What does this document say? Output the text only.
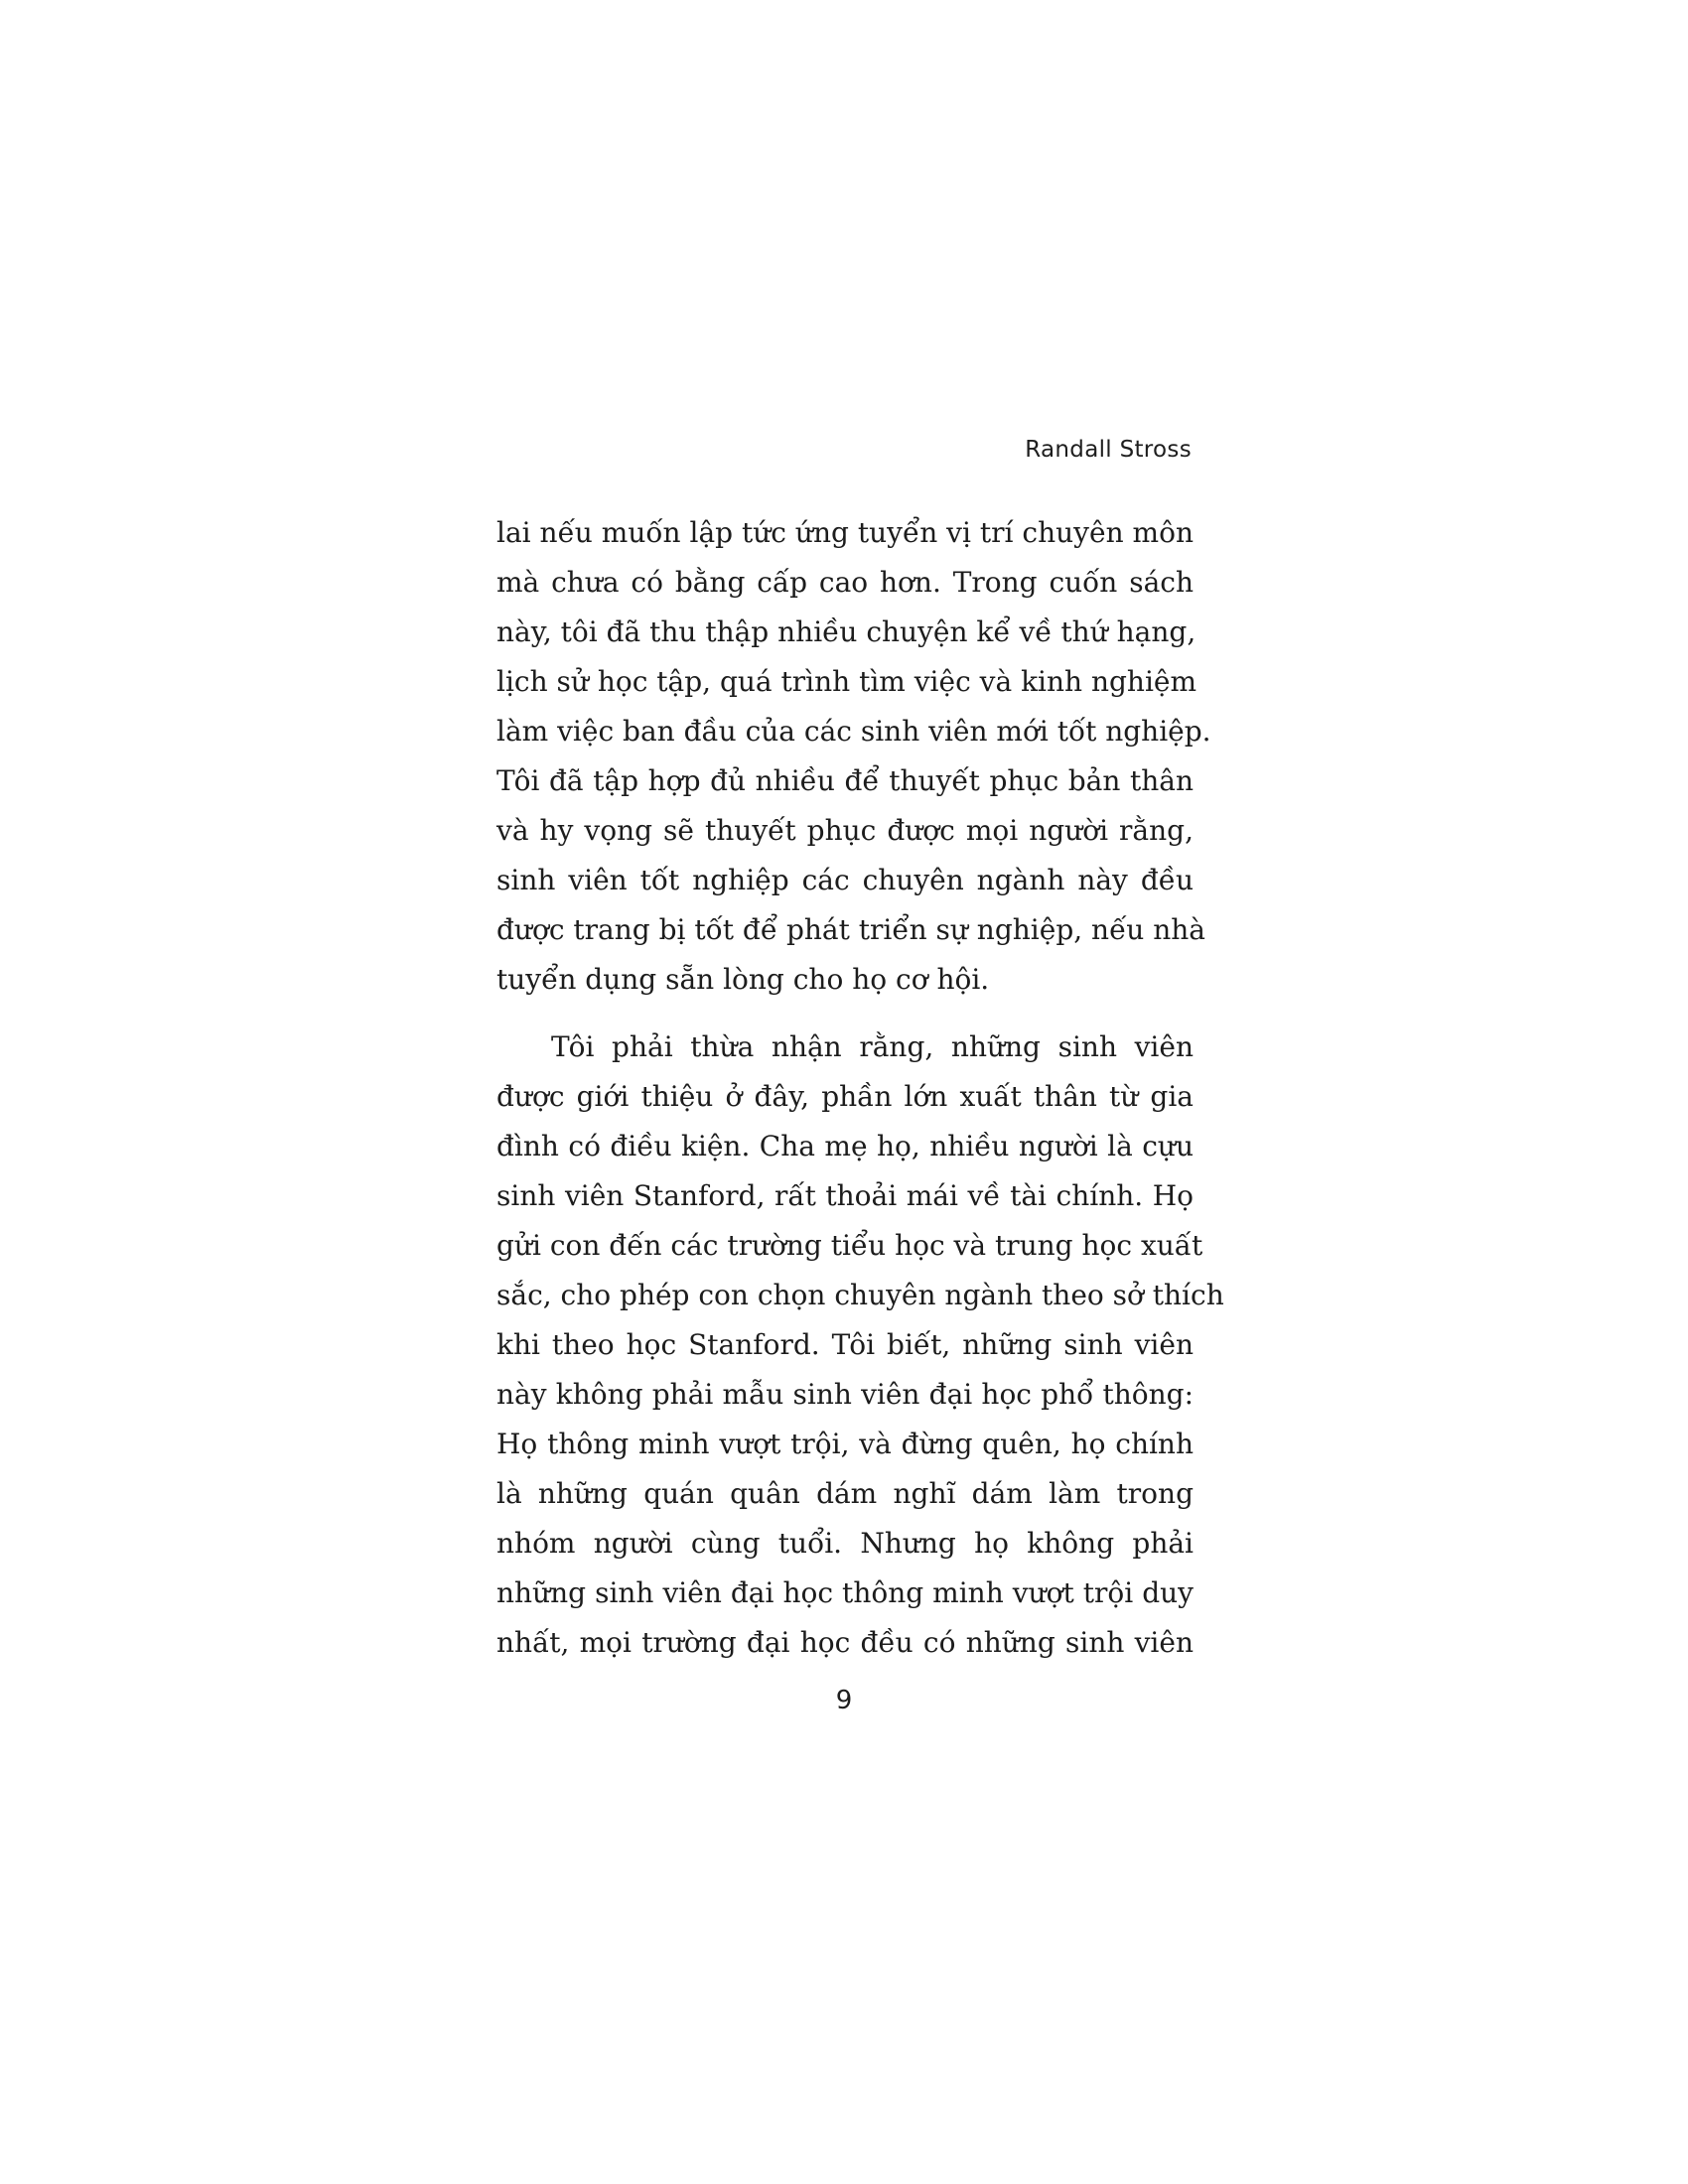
Randall Stross

lai nếu muốn lập tức ứng tuyển vị trí chuyên môn
mà chưa có bằng cấp cao hơn. Trong cuốn sách
này, tôi đã thu thập nhiều chuyện kể về thứ hạng,
lịch sử học tập, quá trình tìm việc và kinh nghiệm
làm việc ban đầu của các sinh viên mới tốt nghiệp.
Tôi đã tập hợp đủ nhiều để thuyết phục bản thân
và hy vọng sẽ thuyết phục được mọi người rằng,
sinh viên tốt nghiệp các chuyên ngành này đều
được trang bị tốt để phát triển sự nghiệp, nếu nhà
tuyển dụng sẵn lòng cho họ cơ hội.

Tôi phải thừa nhận rằng, những sinh viên
được giới thiệu ở đây, phần lớn xuất thân từ gia
đình có điều kiện. Cha mẹ họ, nhiều người là cựu
sinh viên Stanford, rất thoải mái về tài chính. Họ
gửi con đến các trường tiểu học và trung học xuất
sắc, cho phép con chọn chuyên ngành theo sở thích
khi theo học Stanford. Tôi biết, những sinh viên
này không phải mẫu sinh viên đại học phổ thông:
Họ thông minh vượt trội, và đừng quên, họ chính
là những quán quân dám nghĩ dám làm trong
nhóm người cùng tuổi. Nhưng họ không phải
những sinh viên đại học thông minh vượt trội duy
nhất, mọi trường đại học đều có những sinh viên

9
